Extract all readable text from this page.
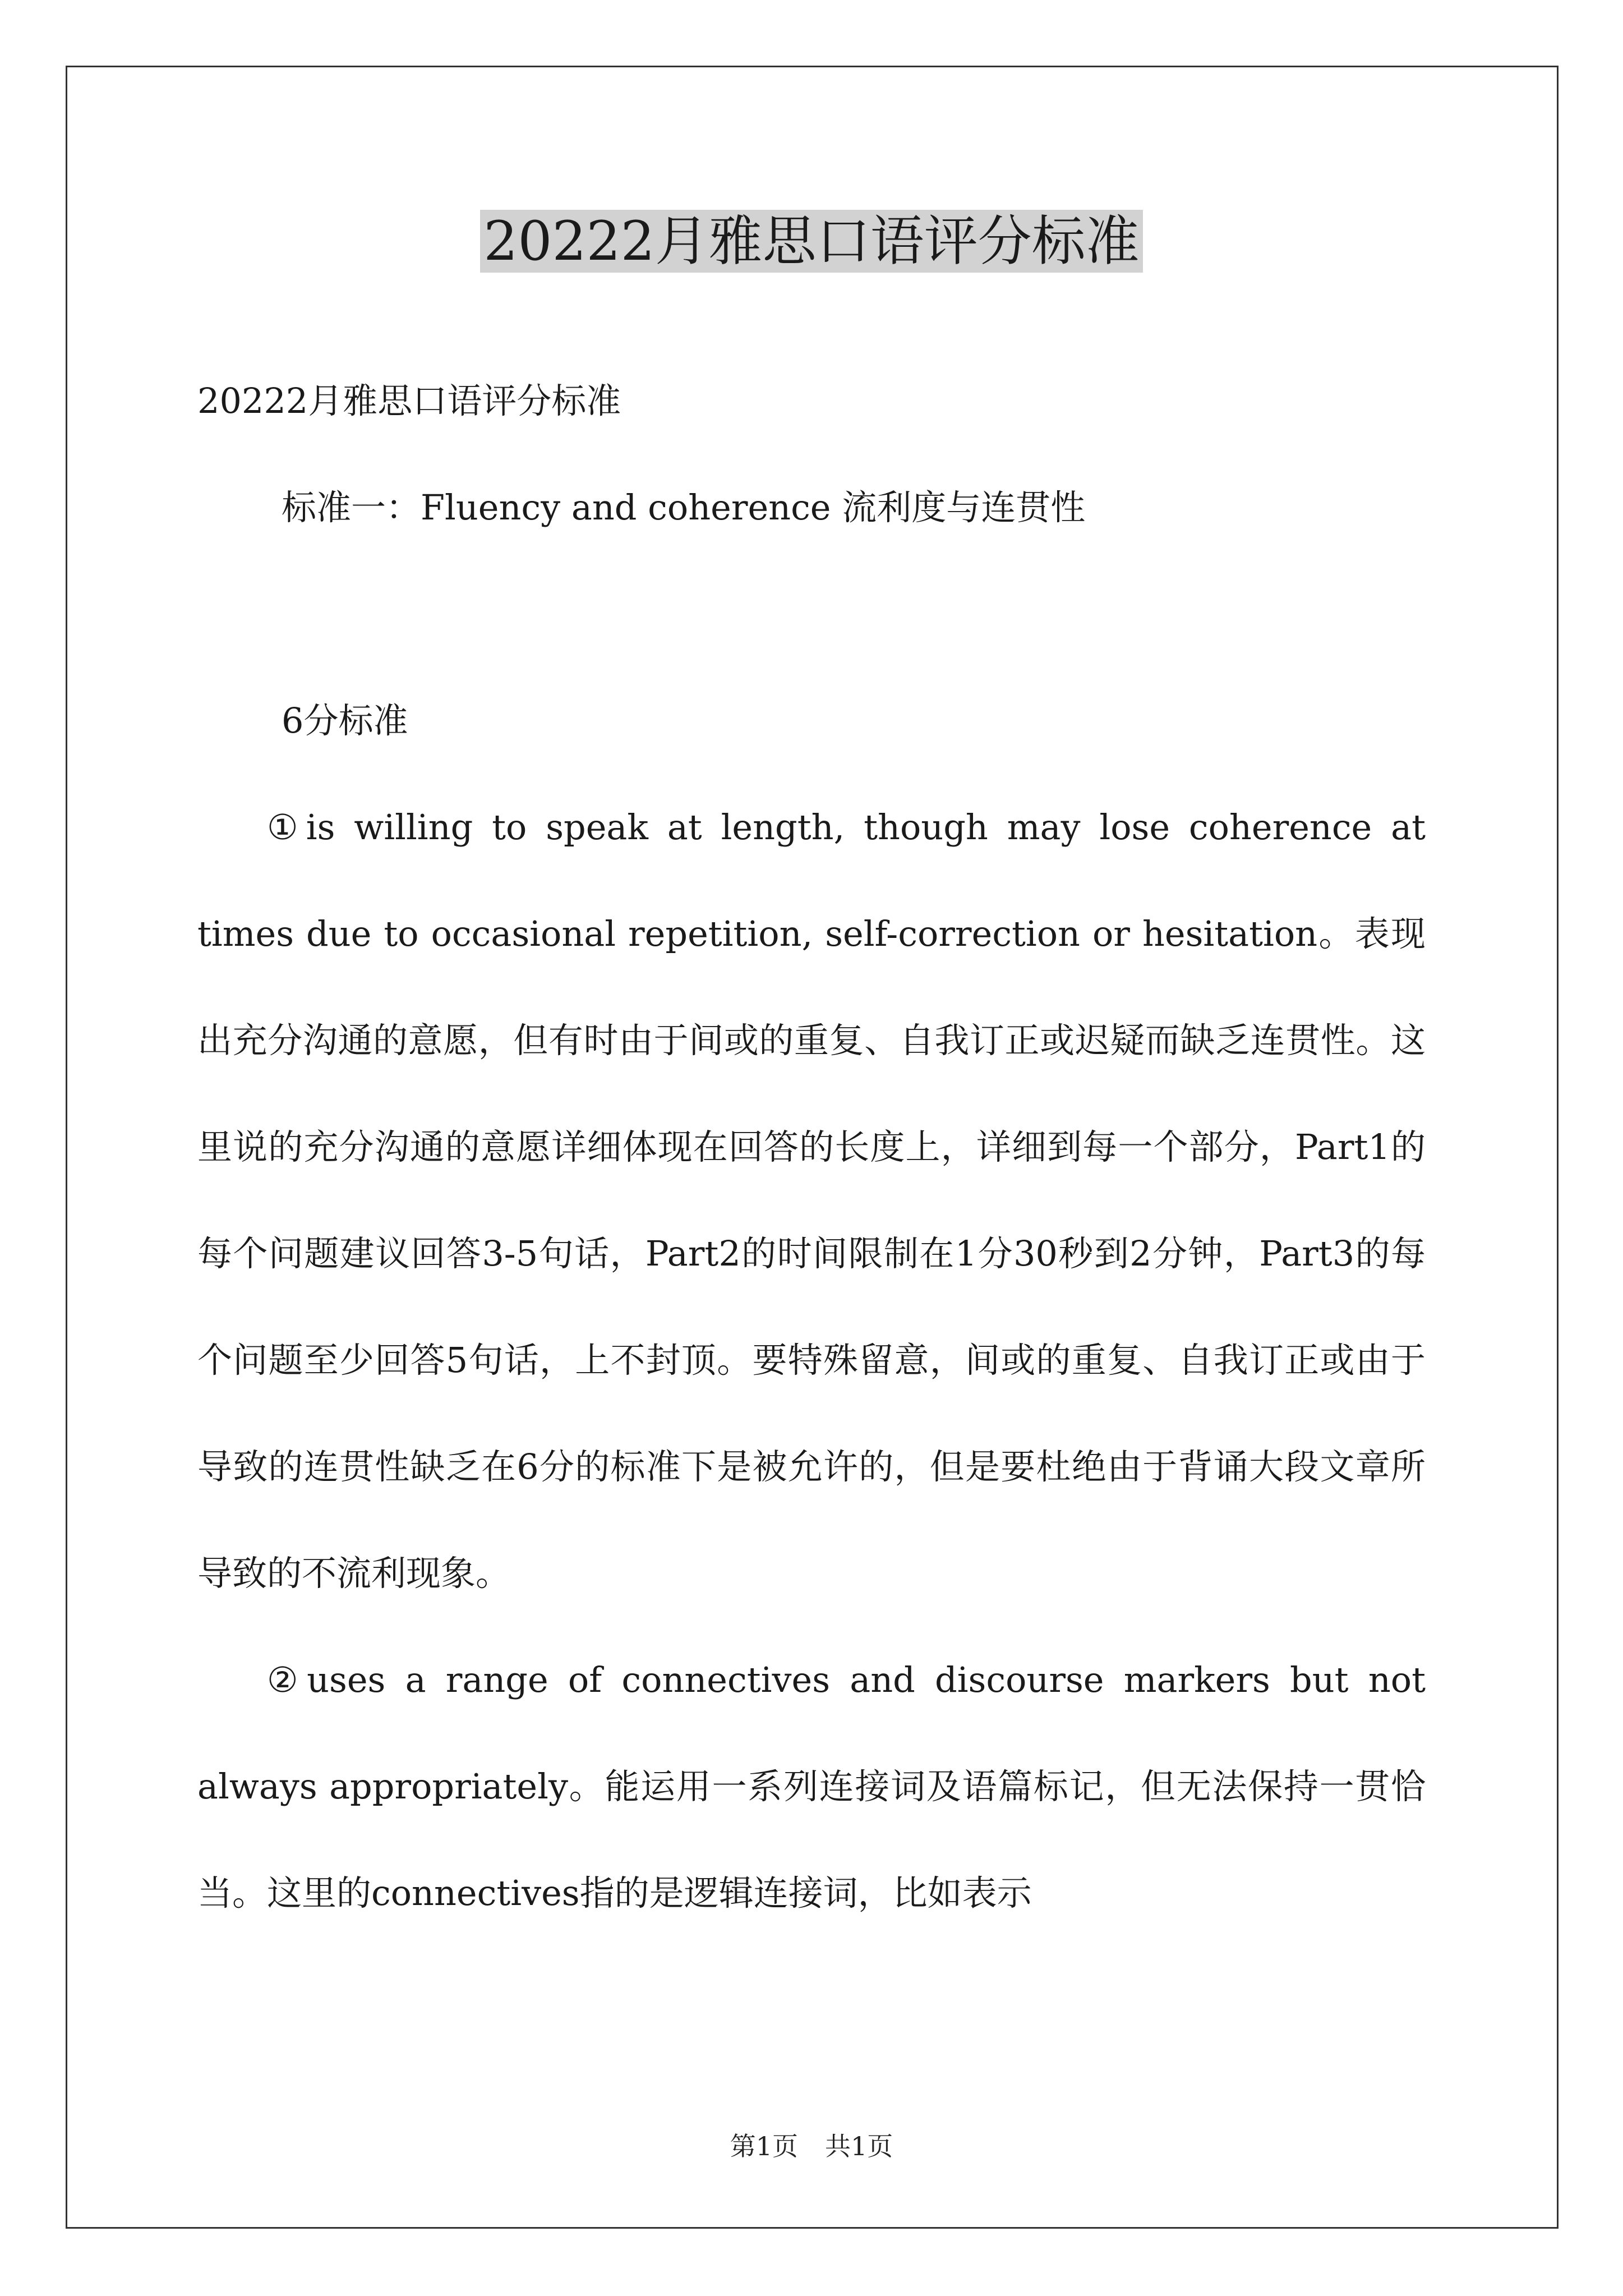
20222月雅思口语评分标准

20222月雅思口语评分标准

标准一：Fluency and coherence 流利度与连贯性

6分标准

①is willing to speak at length, though may lose coherence at times due to occasional repetition, self-correction or hesitation。表现出充分沟通的意愿，但有时由于间或的重复、自我订正或迟疑而缺乏连贯性。这里说的充分沟通的意愿详细体现在回答的长度上，详细到每一个部分，Part1的每个问题建议回答3-5句话，Part2的时间限制在1分30秒到2分钟，Part3的每个问题至少回答5句话，上不封顶。要特殊留意，间或的重复、自我订正或由于导致的连贯性缺乏在6分的标准下是被允许的，但是要杜绝由于背诵大段文章所导致的不流利现象。

②uses a range of connectives and discourse markers but not always appropriately。能运用一系列连接词及语篇标记，但无法保持一贯恰当。这里的connectives指的是逻辑连接词，比如表示

第1页 共1页
